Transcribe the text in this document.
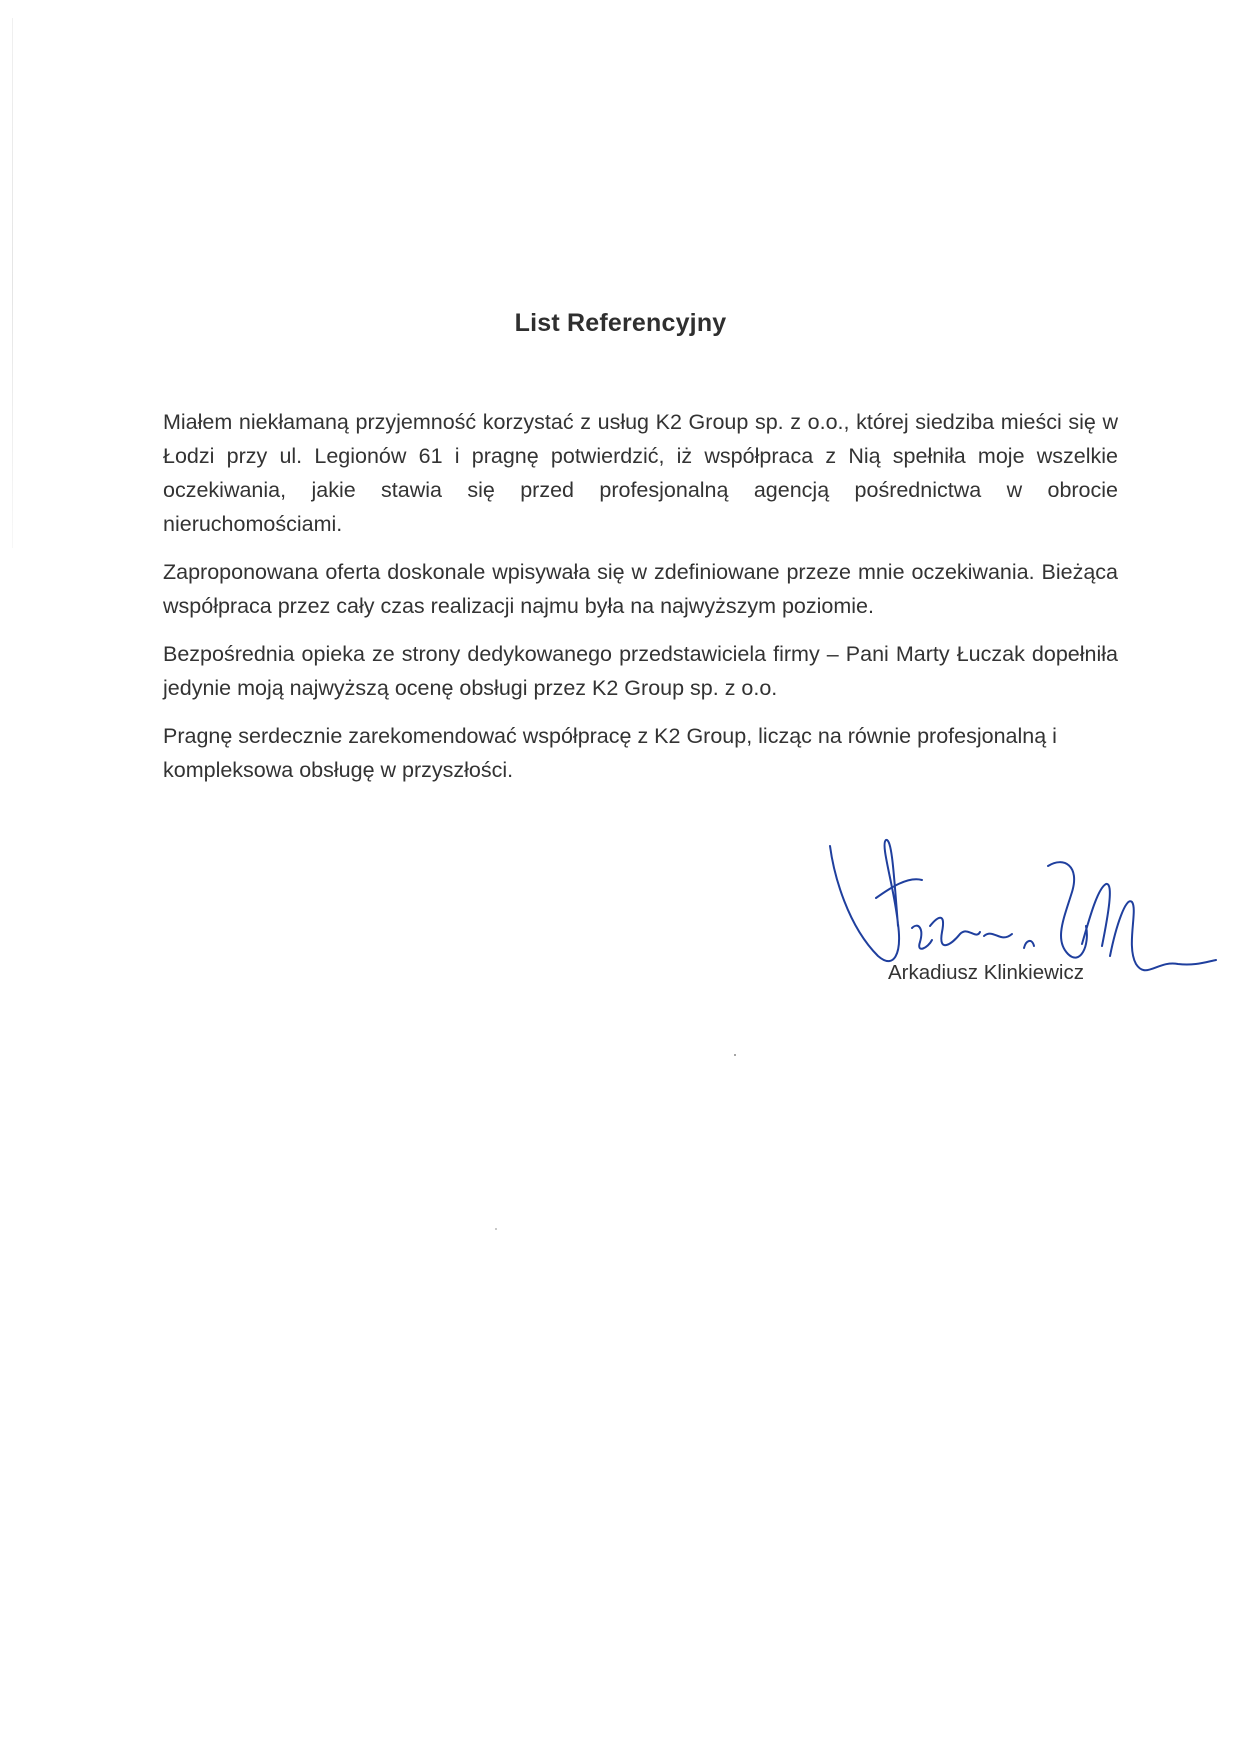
List Referencyjny

Miałem niekłamaną przyjemność korzystać z usług K2 Group sp. z o.o., której siedziba mieści się w Łodzi przy ul. Legionów 61 i pragnę potwierdzić, iż współpraca z Nią spełniła moje wszelkie oczekiwania, jakie stawia się przed profesjonalną agencją pośrednictwa w obrocie nieruchomościami.

Zaproponowana oferta doskonale wpisywała się w zdefiniowane przeze mnie oczekiwania. Bieżąca współpraca przez cały czas realizacji najmu była na najwyższym poziomie.

Bezpośrednia opieka ze strony dedykowanego przedstawiciela firmy – Pani Marty Łuczak dopełniła jedynie moją najwyższą ocenę obsługi przez K2 Group sp. z o.o.

Pragnę serdecznie zarekomendować współpracę z K2 Group, licząc na równie profesjonalną i kompleksowa obsługę w przyszłości.

Arkadiusz Klinkiewicz
